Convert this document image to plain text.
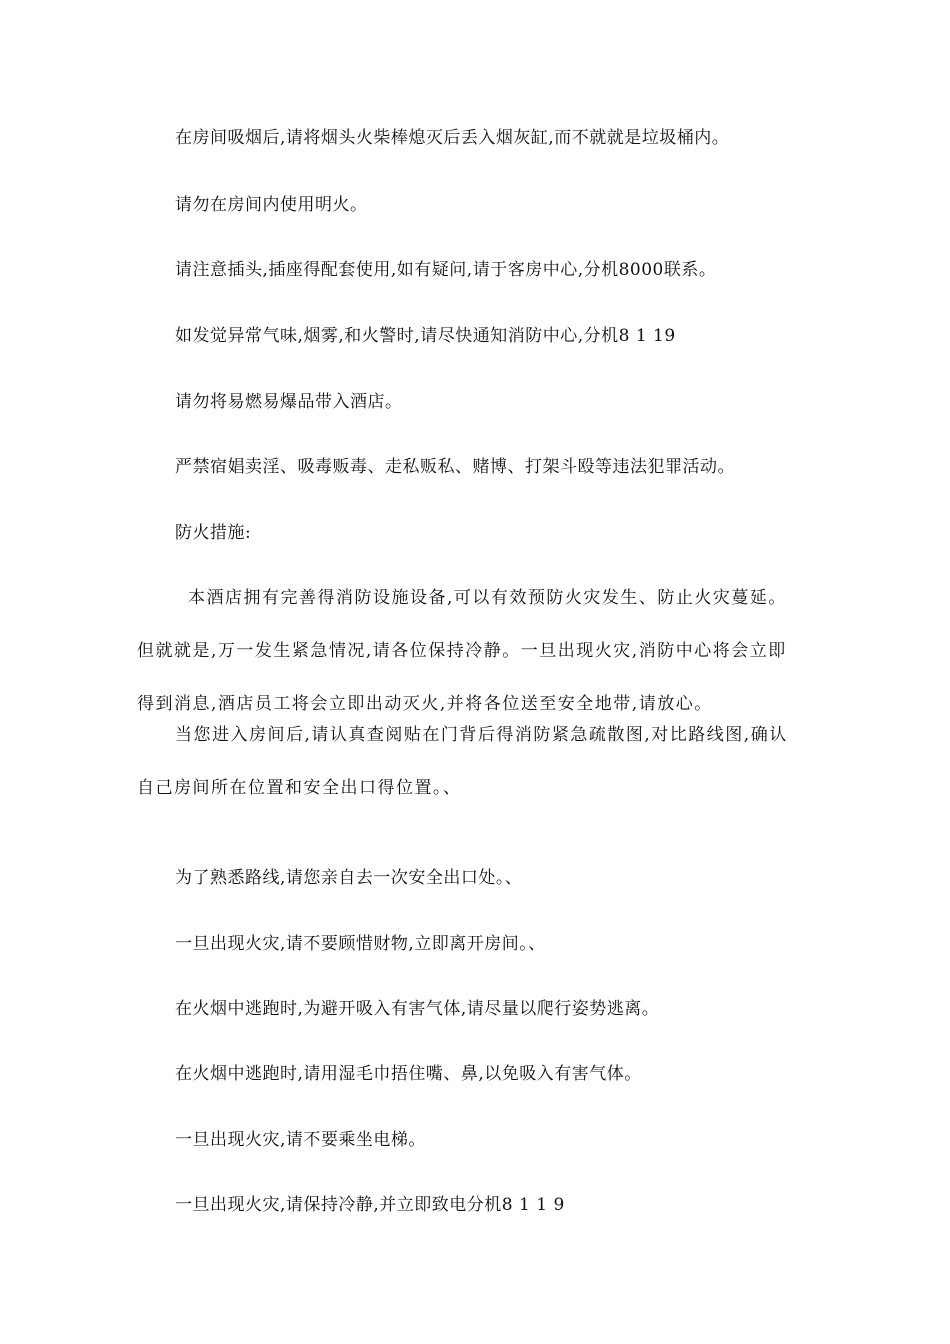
在房间吸烟后,请将烟头火柴棒熄灭后丢入烟灰缸,而不就就是垃圾桶内。
请勿在房间内使用明火。
请注意插头,插座得配套使用,如有疑问,请于客房中心,分机8000联系。
如发觉异常气味,烟雾,和火警时,请尽快通知消防中心,分机8 1 19
请勿将易燃易爆品带入酒店。
严禁宿娼卖淫、吸毒贩毒、走私贩私、赌博、打架斗殴等违法犯罪活动。
防火措施:
本酒店拥有完善得消防设施设备,可以有效预防火灾发生、防止火灾蔓延。
但就就是,万一发生紧急情况,请各位保持冷静。一旦出现火灾,消防中心将会立即
得到消息,酒店员工将会立即出动灭火,并将各位送至安全地带,请放心。
当您进入房间后,请认真查阅贴在门背后得消防紧急疏散图,对比路线图,确认
自己房间所在位置和安全出口得位置。、
为了熟悉路线,请您亲自去一次安全出口处。、
一旦出现火灾,请不要顾惜财物,立即离开房间。、
在火烟中逃跑时,为避开吸入有害气体,请尽量以爬行姿势逃离。
在火烟中逃跑时,请用湿毛巾捂住嘴、鼻,以免吸入有害气体。
一旦出现火灾,请不要乘坐电梯。
一旦出现火灾,请保持冷静,并立即致电分机8 1 1 9
